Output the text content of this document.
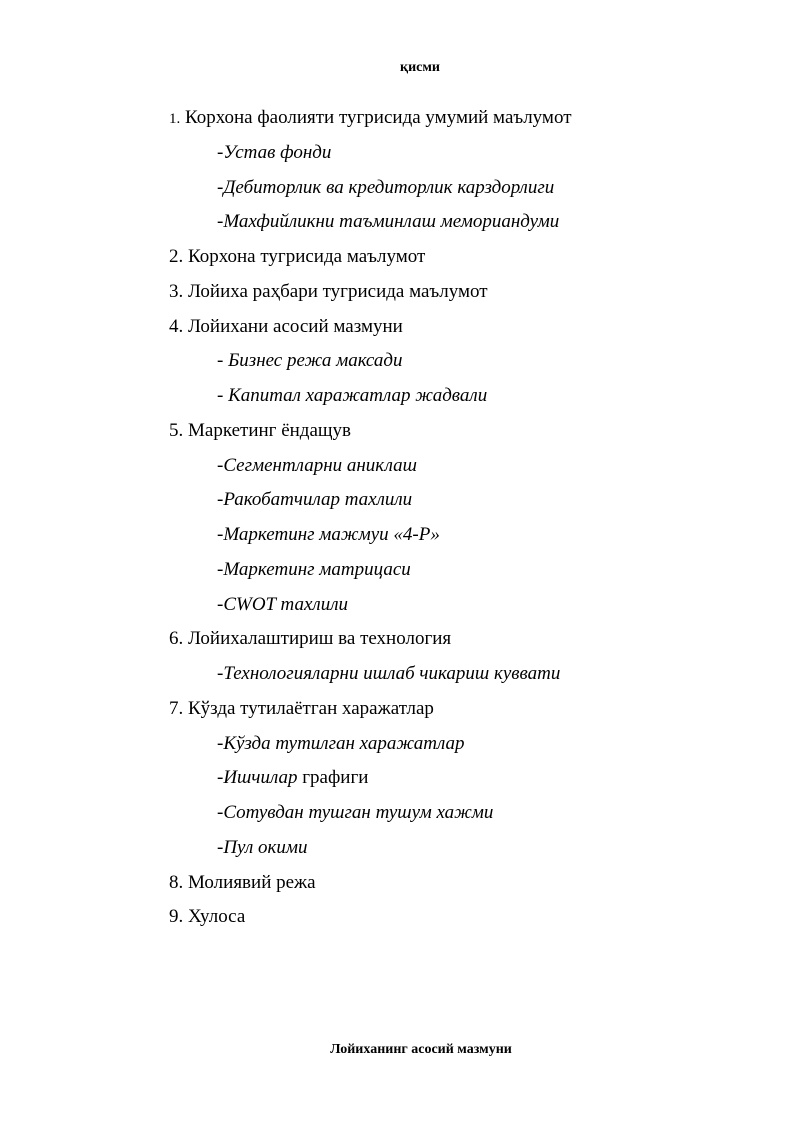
қисми
1. Корхона фаолияти тугрисида умумий маълумот
-Устав фонди
-Дебиторлик ва кредиторлик карздорлиги
-Махфийликни таъминлаш мемориандуми
2. Корхона тугрисида маълумот
3. Лойиха раҳбари тугрисида маълумот
4. Лойихани асосий мазмуни
- Бизнес режа максади
- Капитал харажатлар жадвали
5. Маркетинг ёндащув
-Сегментларни аниклаш
-Ракобатчилар тахлили
-Маркетинг мажмуи «4-Р»
-Маркетинг матрицаси
-CWOT тахлили
6. Лойихалаштириш ва технология
-Технологияларни ишлаб чикариш куввати
7. Кўзда тутилаётган харажатлар
-Кўзда тутилган харажатлар
-Ишчилар графиги
-Сотувдан тушган тушум хажми
-Пул окими
8. Молиявий режа
9. Хулоса
Лойиханинг асосий мазмуни
